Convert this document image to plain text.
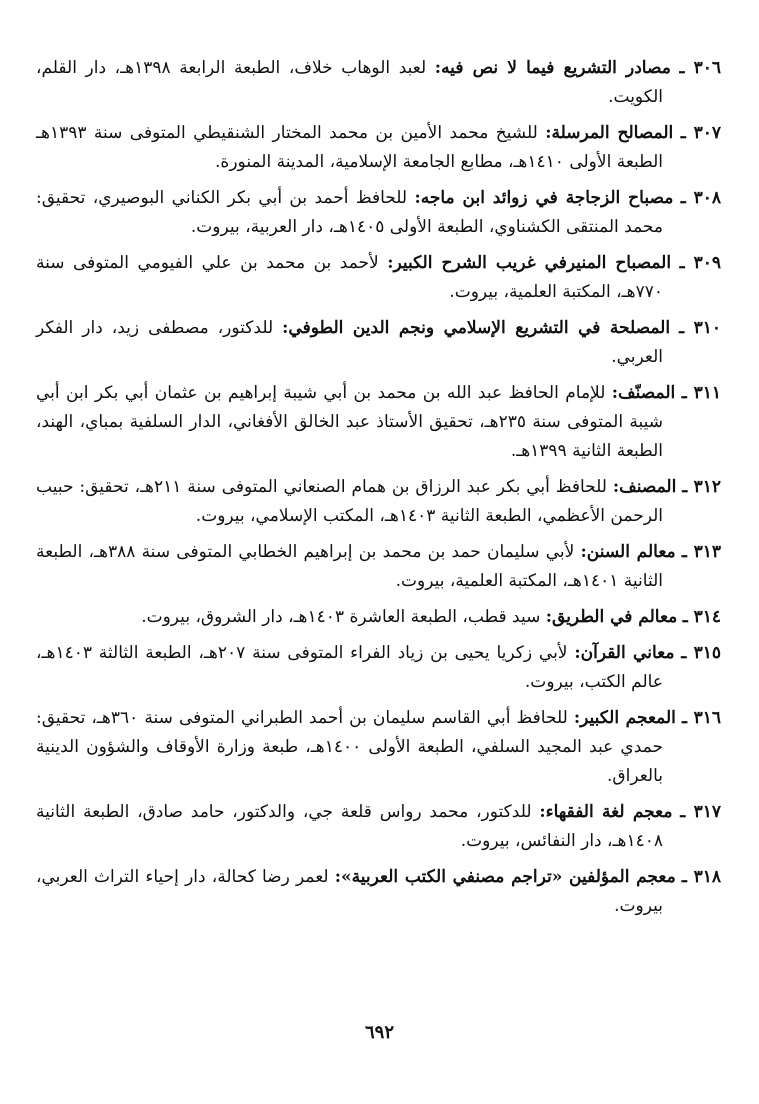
٣٠٦ ـ مصادر التشريع فيما لا نص فيه: لعبد الوهاب خلاف، الطبعة الرابعة ١٣٩٨هـ، دار القلم، الكويت.

٣٠٧ ـ المصالح المرسلة: للشيخ محمد الأمين بن محمد المختار الشنقيطي المتوفى سنة ١٣٩٣هـ الطبعة الأولى ١٤١٠هـ، مطابع الجامعة الإسلامية، المدينة المنورة.

٣٠٨ ـ مصباح الزجاجة في زوائد ابن ماجه: للحافظ أحمد بن أبي بكر الكناني البوصيري، تحقيق: محمد المنتقى الكشناوي، الطبعة الأولى ١٤٠٥هـ، دار العربية، بيروت.

٣٠٩ ـ المصباح المنيرفي غريب الشرح الكبير: لأحمد بن محمد بن علي الفيومي المتوفى سنة ٧٧٠هـ، المكتبة العلمية، بيروت.

٣١٠ ـ المصلحة في التشريع الإسلامي ونجم الدين الطوفي: للدكتور، مصطفى زيد، دار الفكر العربي.

٣١١ ـ المصنّف: للإمام الحافظ عبد الله بن محمد بن أبي شيبة إبراهيم بن عثمان أبي بكر ابن أبي شيبة المتوفى سنة ٢٣٥هـ، تحقيق الأستاذ عبد الخالق الأفغاني، الدار السلفية بمباي، الهند، الطبعة الثانية ١٣٩٩هـ.

٣١٢ ـ المصنف: للحافظ أبي بكر عبد الرزاق بن همام الصنعاني المتوفى سنة ٢١١هـ، تحقيق: حبيب الرحمن الأعظمي، الطبعة الثانية ١٤٠٣هـ، المكتب الإسلامي، بيروت.

٣١٣ ـ معالم السنن: لأبي سليمان حمد بن محمد بن إبراهيم الخطابي المتوفى سنة ٣٨٨هـ، الطبعة الثانية ١٤٠١هـ، المكتبة العلمية، بيروت.

٣١٤ ـ معالم في الطريق: سيد قطب، الطبعة العاشرة ١٤٠٣هـ، دار الشروق، بيروت.

٣١٥ ـ معاني القرآن: لأبي زكريا يحيى بن زياد الفراء المتوفى سنة ٢٠٧هـ، الطبعة الثالثة ١٤٠٣هـ، عالم الكتب، بيروت.

٣١٦ ـ المعجم الكبير: للحافظ أبي القاسم سليمان بن أحمد الطبراني المتوفى سنة ٣٦٠هـ، تحقيق: حمدي عبد المجيد السلفي، الطبعة الأولى ١٤٠٠هـ، طبعة وزارة الأوقاف والشؤون الدينية بالعراق.

٣١٧ ـ معجم لغة الفقهاء: للدكتور، محمد رواس قلعة جي، والدكتور، حامد صادق، الطبعة الثانية ١٤٠٨هـ، دار النفائس، بيروت.

٣١٨ ـ معجم المؤلفين «تراجم مصنفي الكتب العربية»: لعمر رضا كحالة، دار إحياء التراث العربي، بيروت.

٦٩٢
